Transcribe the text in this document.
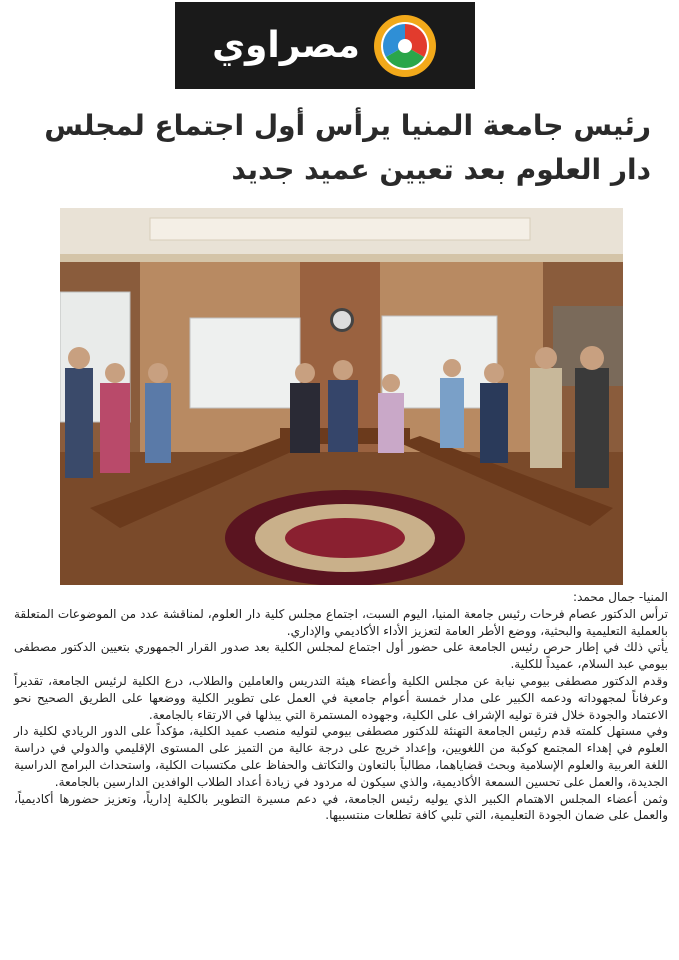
مصراوي
رئيس جامعة المنيا يرأس أول اجتماع لمجلس دار العلوم بعد تعيين عميد جديد

المنيا- جمال محمد:

ترأس الدكتور عصام فرحات رئيس جامعة المنيا، اليوم السبت، اجتماع مجلس كلية دار العلوم، لمناقشة عدد من الموضوعات المتعلقة بالعملية التعليمية والبحثية، ووضع الأطر العامة لتعزيز الأداء الأكاديمي والإداري.

يأتي ذلك في إطار حرص رئيس الجامعة على حضور أول اجتماع لمجلس الكلية بعد صدور القرار الجمهوري بتعيين الدكتور مصطفى بيومي عبد السلام، عميداً للكلية.

وقدم الدكتور مصطفى بيومي نيابة عن مجلس الكلية وأعضاء هيئة التدريس والعاملين والطلاب، درع الكلية لرئيس الجامعة، تقديراً وعرفاناً لمجهوداته ودعمه الكبير على مدار خمسة أعوام جامعية في العمل على تطوير الكلية ووضعها على الطريق الصحيح نحو الاعتماد والجودة خلال فترة توليه الإشراف على الكلية، وجهوده المستمرة التي يبذلها في الارتقاء بالجامعة.

وفي مستهل كلمته قدم رئيس الجامعة التهنئة للدكتور مصطفى بيومي لتوليه منصب عميد الكلية، مؤكداً على الدور الريادي لكلية دار العلوم في إهداء المجتمع كوكبة من اللغويين، وإعداد خريج على درجة عالية من التميز على المستوى الإقليمي والدولي في دراسة اللغة العربية والعلوم الإسلامية وبحث قضاياهما، مطالباً بالتعاون والتكاتف والحفاظ على مكتسبات الكلية، واستحداث البرامج الدراسية الجديدة، والعمل على تحسين السمعة الأكاديمية، والذي سيكون له مردود في زيادة أعداد الطلاب الوافدين الدارسين بالجامعة.

وثمن أعضاء المجلس الاهتمام الكبير الذي يوليه رئيس الجامعة، في دعم مسيرة التطوير بالكلية إدارياً، وتعزيز حضورها أكاديمياً، والعمل على ضمان الجودة التعليمية، التي تلبي كافة تطلعات منتسبيها.
